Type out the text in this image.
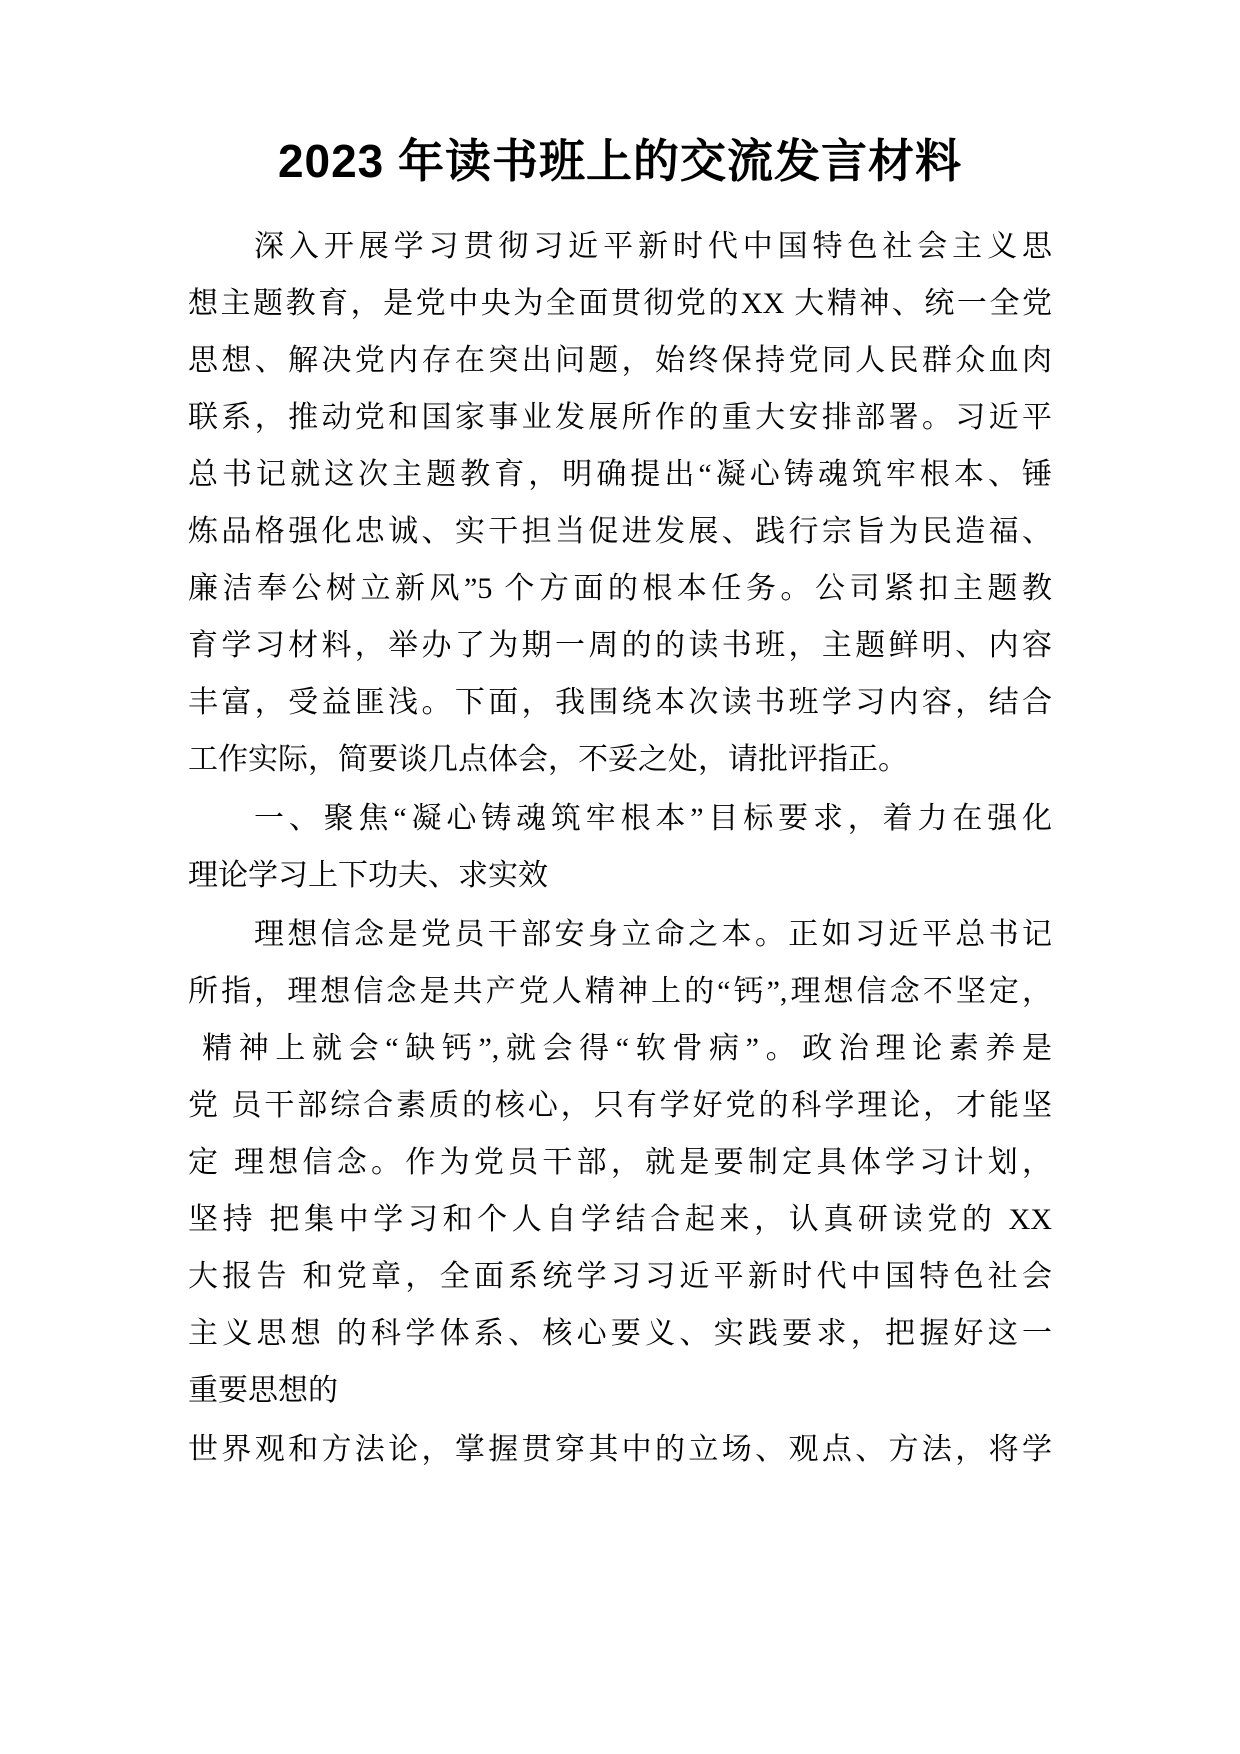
2023 年读书班上的交流发言材料
深入开展学习贯彻习近平新时代中国特色社会主义思
想主题教育，是党中央为全面贯彻党的XX 大精神、统一全党
思想、解决党内存在突出问题，始终保持党同人民群众血肉
联系，推动党和国家事业发展所作的重大安排部署。习近平
总书记就这次主题教育，明确提出“凝心铸魂筑牢根本、锤
炼品格强化忠诚、实干担当促进发展、践行宗旨为民造福、
廉洁奉公树立新风”5 个方面的根本任务。公司紧扣主题教
育学习材料，举办了为期一周的的读书班，主题鲜明、内容
丰富，受益匪浅。下面，我围绕本次读书班学习内容，结合
工作实际，简要谈几点体会，不妥之处，请批评指正。
一、聚焦“凝心铸魂筑牢根本”目标要求，着力在强化
理论学习上下功夫、求实效
理想信念是党员干部安身立命之本。正如习近平总书记
所指，理想信念是共产党人精神上的“钙”,理想信念不坚定，
精神上就会“缺钙”,就会得“软骨病”。政治理论素养是
党 员干部综合素质的核心，只有学好党的科学理论，才能坚
定 理想信念。作为党员干部，就是要制定具体学习计划，
坚持 把集中学习和个人自学结合起来，认真研读党的 XX
大报告 和党章，全面系统学习习近平新时代中国特色社会
主义思想 的科学体系、核心要义、实践要求，把握好这一
重要思想的
世界观和方法论，掌握贯穿其中的立场、观点、方法，将学
